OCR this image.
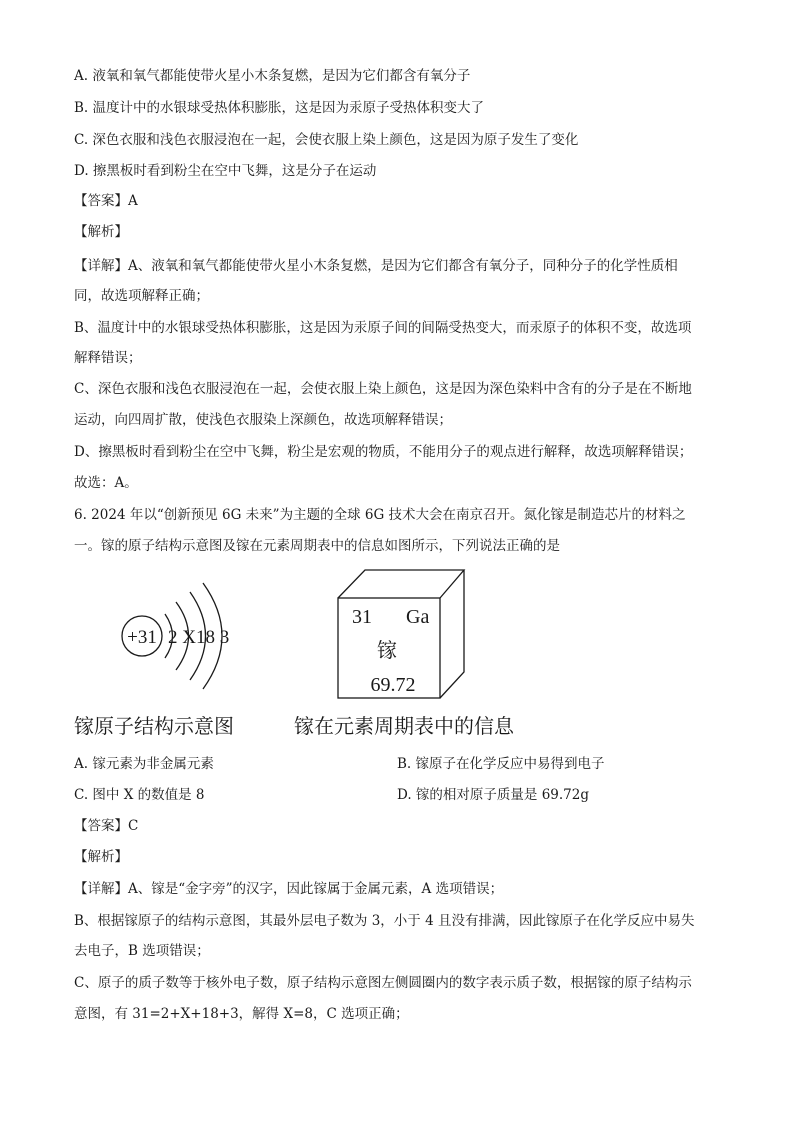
A. 液氧和氧气都能使带火星小木条复燃，是因为它们都含有氧分子
B. 温度计中的水银球受热体积膨胀，这是因为汞原子受热体积变大了
C. 深色衣服和浅色衣服浸泡在一起，会使衣服上染上颜色，这是因为原子发生了变化
D. 擦黑板时看到粉尘在空中飞舞，这是分子在运动
【答案】A
【解析】
【详解】A、液氧和氧气都能使带火星小木条复燃，是因为它们都含有氧分子，同种分子的化学性质相
同，故选项解释正确；
B、温度计中的水银球受热体积膨胀，这是因为汞原子间的间隔受热变大，而汞原子的体积不变，故选项
解释错误；
C、深色衣服和浅色衣服浸泡在一起，会使衣服上染上颜色，这是因为深色染料中含有的分子是在不断地
运动，向四周扩散，使浅色衣服染上深颜色，故选项解释错误；
D、擦黑板时看到粉尘在空中飞舞，粉尘是宏观的物质，不能用分子的观点进行解释，故选项解释错误；
故选：A。
6. 2024 年以“创新预见 6G 未来”为主题的全球 6G 技术大会在南京召开。氮化镓是制造芯片的材料之
一。镓的原子结构示意图及镓在元素周期表中的信息如图所示，下列说法正确的是
+31 2 X18 3
31 Ga
镓
69.72
镓原子结构示意图	镓在元素周期表中的信息
A. 镓元素为非金属元素	B. 镓原子在化学反应中易得到电子
C. 图中 X 的数值是 8	D. 镓的相对原子质量是 69.72g
【答案】C
【解析】
【详解】A、镓是“金字旁”的汉字，因此镓属于金属元素，A 选项错误；
B、根据镓原子的结构示意图，其最外层电子数为 3，小于 4 且没有排满，因此镓原子在化学反应中易失
去电子，B 选项错误；
C、原子的质子数等于核外电子数，原子结构示意图左侧圆圈内的数字表示质子数，根据镓的原子结构示
意图，有 31=2+X+18+3，解得 X=8，C 选项正确；
